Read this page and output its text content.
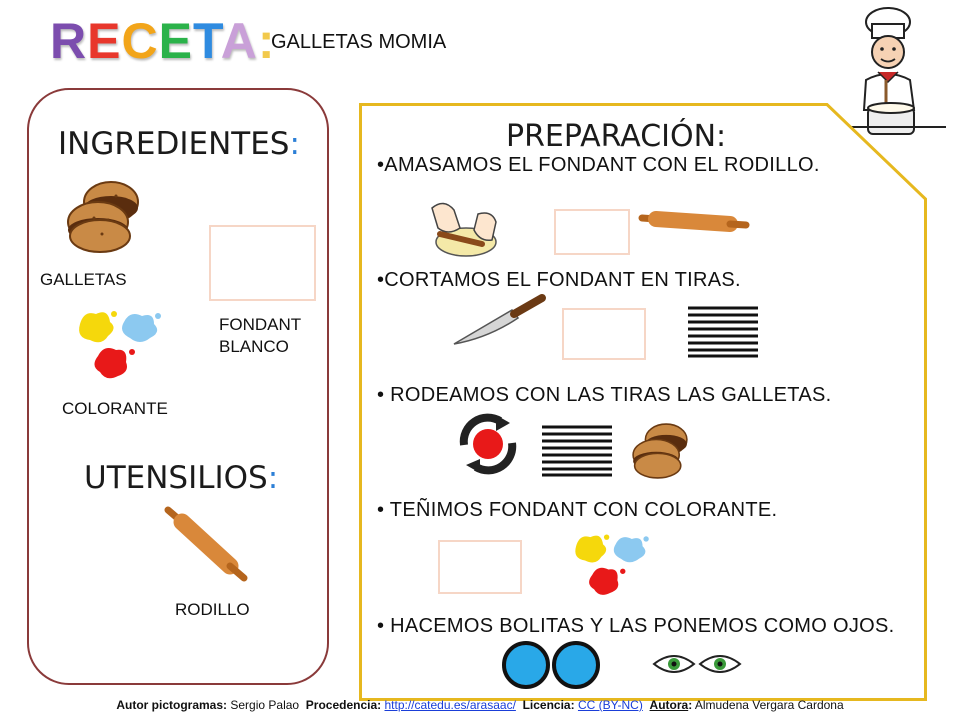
RECETA:
GALLETAS MOMIA
INGREDIENTES:
GALLETAS
FONDANT
BLANCO
COLORANTE
UTENSILIOS:
RODILLO
PREPARACIÓN:
•AMASAMOS EL FONDANT CON EL RODILLO.
•CORTAMOS EL FONDANT EN TIRAS.
• RODEAMOS CON LAS TIRAS LAS GALLETAS.
• TEÑIMOS FONDANT CON COLORANTE.
• HACEMOS BOLITAS Y LAS PONEMOS COMO OJOS.
Autor pictogramas: Sergio Palao Procedencia: http://catedu.es/arasaac/ Licencia: CC (BY-NC) Autora: Almudena Vergara Cardona
